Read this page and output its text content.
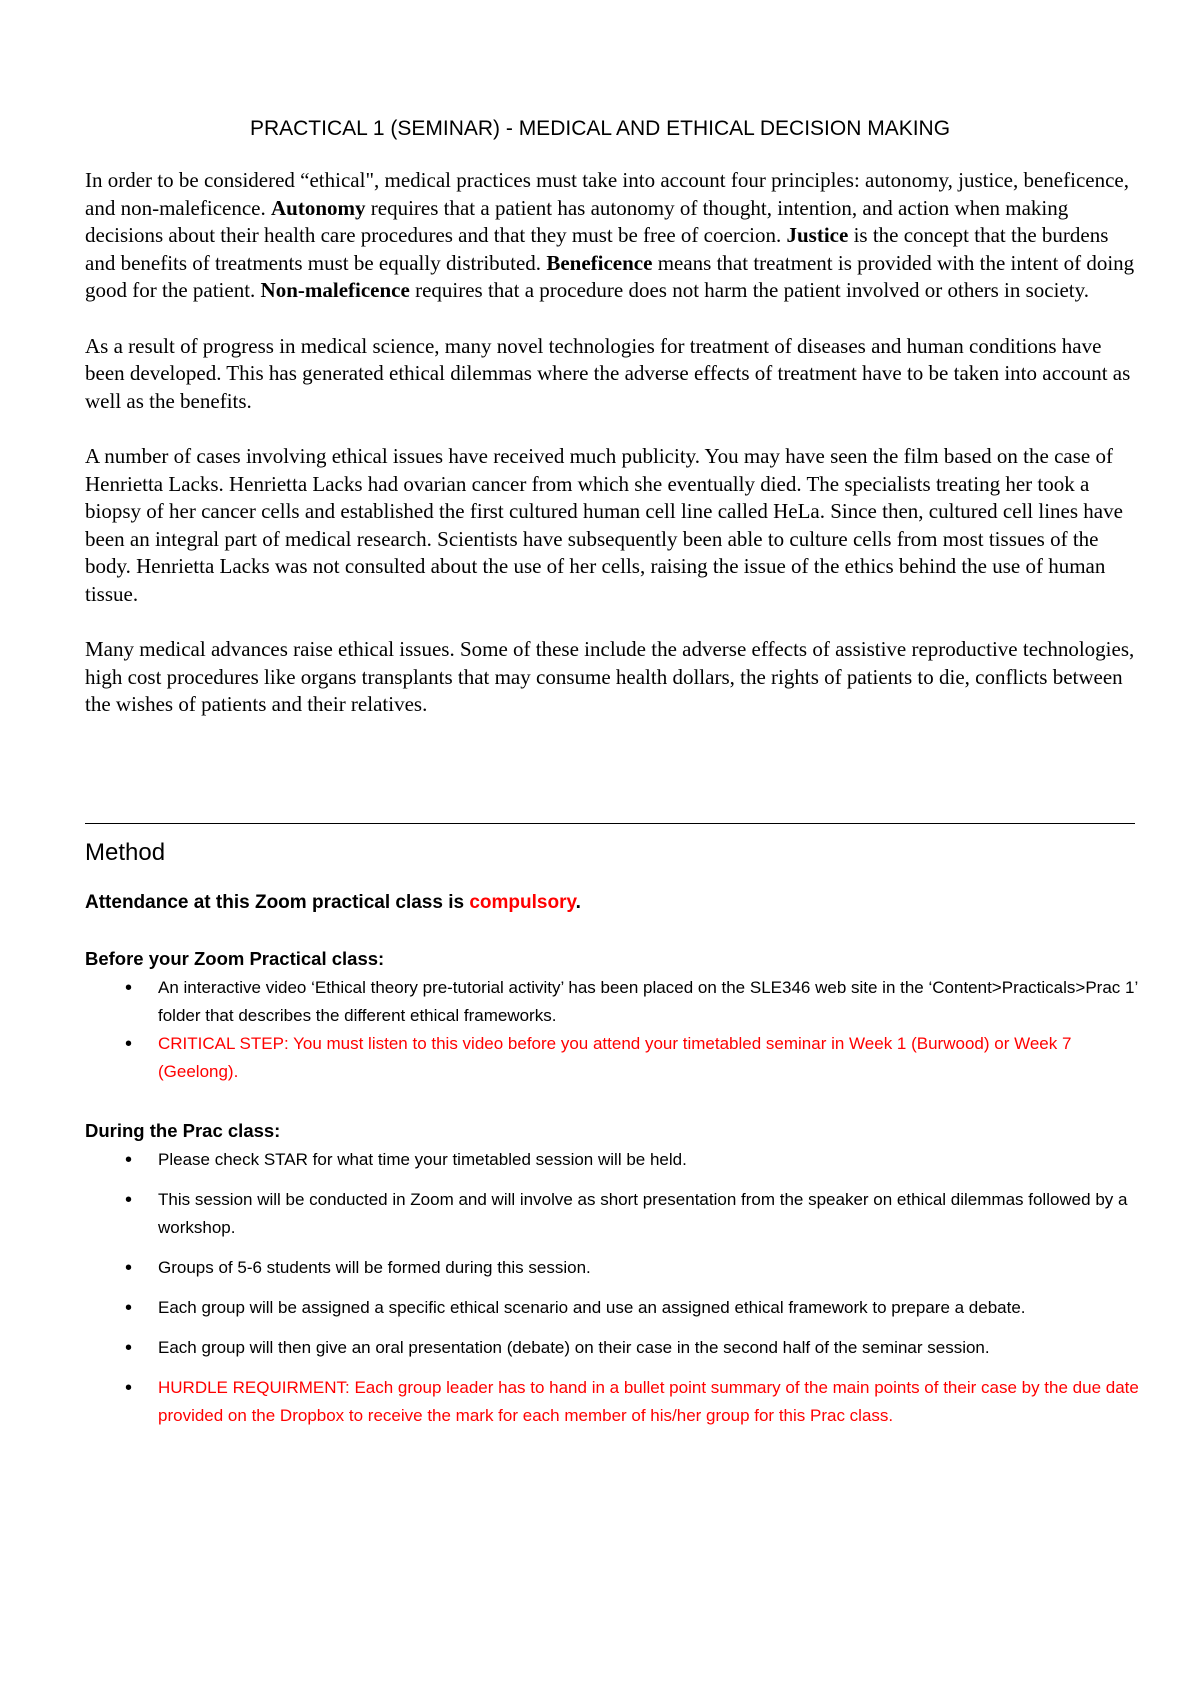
PRACTICAL 1 (SEMINAR) - MEDICAL AND ETHICAL DECISION MAKING

In order to be considered “ethical", medical practices must take into account four principles: autonomy, justice, beneficence, and non-maleficence. Autonomy requires that a patient has autonomy of thought, intention, and action when making decisions about their health care procedures and that they must be free of coercion. Justice is the concept that the burdens and benefits of treatments must be equally distributed. Beneficence means that treatment is provided with the intent of doing good for the patient. Non-maleficence requires that a procedure does not harm the patient involved or others in society.

As a result of progress in medical science, many novel technologies for treatment of diseases and human conditions have been developed. This has generated ethical dilemmas where the adverse effects of treatment have to be taken into account as well as the benefits.

A number of cases involving ethical issues have received much publicity. You may have seen the film based on the case of Henrietta Lacks. Henrietta Lacks had ovarian cancer from which she eventually died. The specialists treating her took a biopsy of her cancer cells and established the first cultured human cell line called HeLa. Since then, cultured cell lines have been an integral part of medical research. Scientists have subsequently been able to culture cells from most tissues of the body. Henrietta Lacks was not consulted about the use of her cells, raising the issue of the ethics behind the use of human tissue.

Many medical advances raise ethical issues. Some of these include the adverse effects of assistive reproductive technologies, high cost procedures like organs transplants that may consume health dollars, the rights of patients to die, conflicts between the wishes of patients and their relatives.

Method
Attendance at this Zoom practical class is compulsory.
Before your Zoom Practical class:
• An interactive video ‘Ethical theory pre-tutorial activity’ has been placed on the SLE346 web site in the ‘Content>Practicals>Prac 1’ folder that describes the different ethical frameworks.
• CRITICAL STEP: You must listen to this video before you attend your timetabled seminar in Week 1 (Burwood) or Week 7 (Geelong).
During the Prac class:
• Please check STAR for what time your timetabled session will be held.
• This session will be conducted in Zoom and will involve as short presentation from the speaker on ethical dilemmas followed by a workshop.
• Groups of 5-6 students will be formed during this session.
• Each group will be assigned a specific ethical scenario and use an assigned ethical framework to prepare a debate.
• Each group will then give an oral presentation (debate) on their case in the second half of the seminar session.
• HURDLE REQUIRMENT: Each group leader has to hand in a bullet point summary of the main points of their case by the due date provided on the Dropbox to receive the mark for each member of his/her group for this Prac class.
